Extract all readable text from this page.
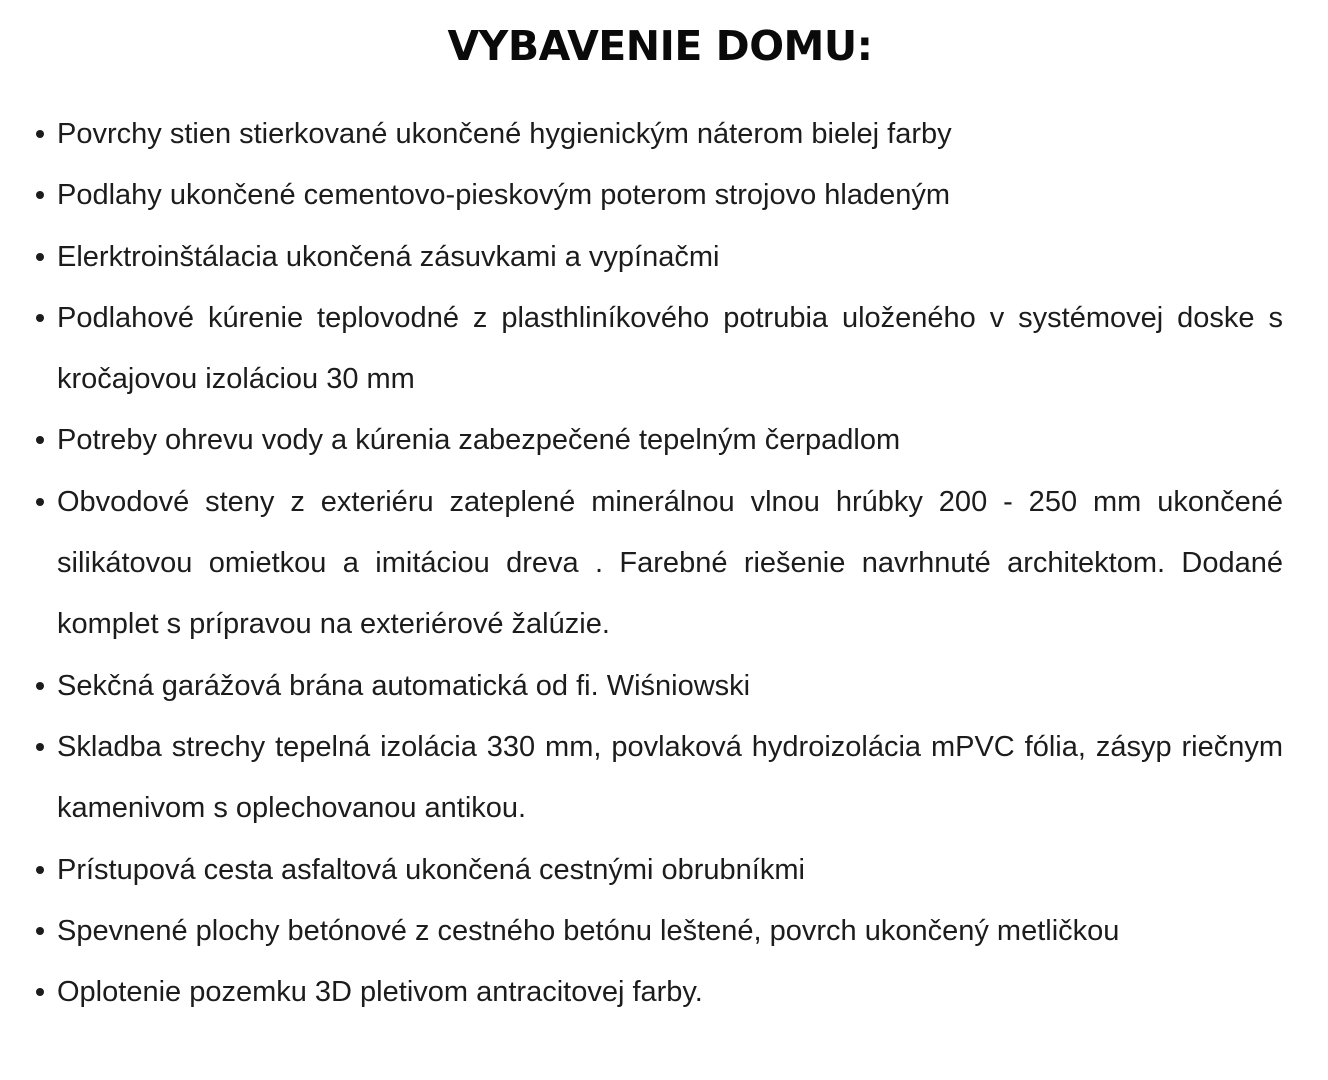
VYBAVENIE DOMU:
Povrchy stien stierkované ukončené hygienickým náterom bielej farby
Podlahy ukončené cementovo-pieskovým poterom strojovo hladeným
Elerktroinštálacia ukončená zásuvkami a vypínačmi
Podlahové kúrenie teplovodné z plasthliníkového potrubia uloženého v systémovej doske s kročajovou izoláciou 30 mm
Potreby ohrevu vody a kúrenia zabezpečené tepelným čerpadlom
Obvodové steny z exteriéru zateplené minerálnou vlnou hrúbky 200 - 250 mm ukončené silikátovou omietkou a imitáciou dreva . Farebné riešenie navrhnuté architektom. Dodané komplet s prípravou na exteriérové žalúzie.
Sekčná garážová brána automatická od fi. Wiśniowski
Skladba strechy tepelná izolácia 330 mm, povlaková hydroizolácia mPVC fólia, zásyp riečnym kamenivom s oplechovanou antikou.
Prístupová cesta asfaltová ukončená cestnými obrubníkmi
Spevnené plochy betónové z cestného betónu leštené, povrch ukončený metličkou
Oplotenie pozemku 3D pletivom antracitovej farby.
